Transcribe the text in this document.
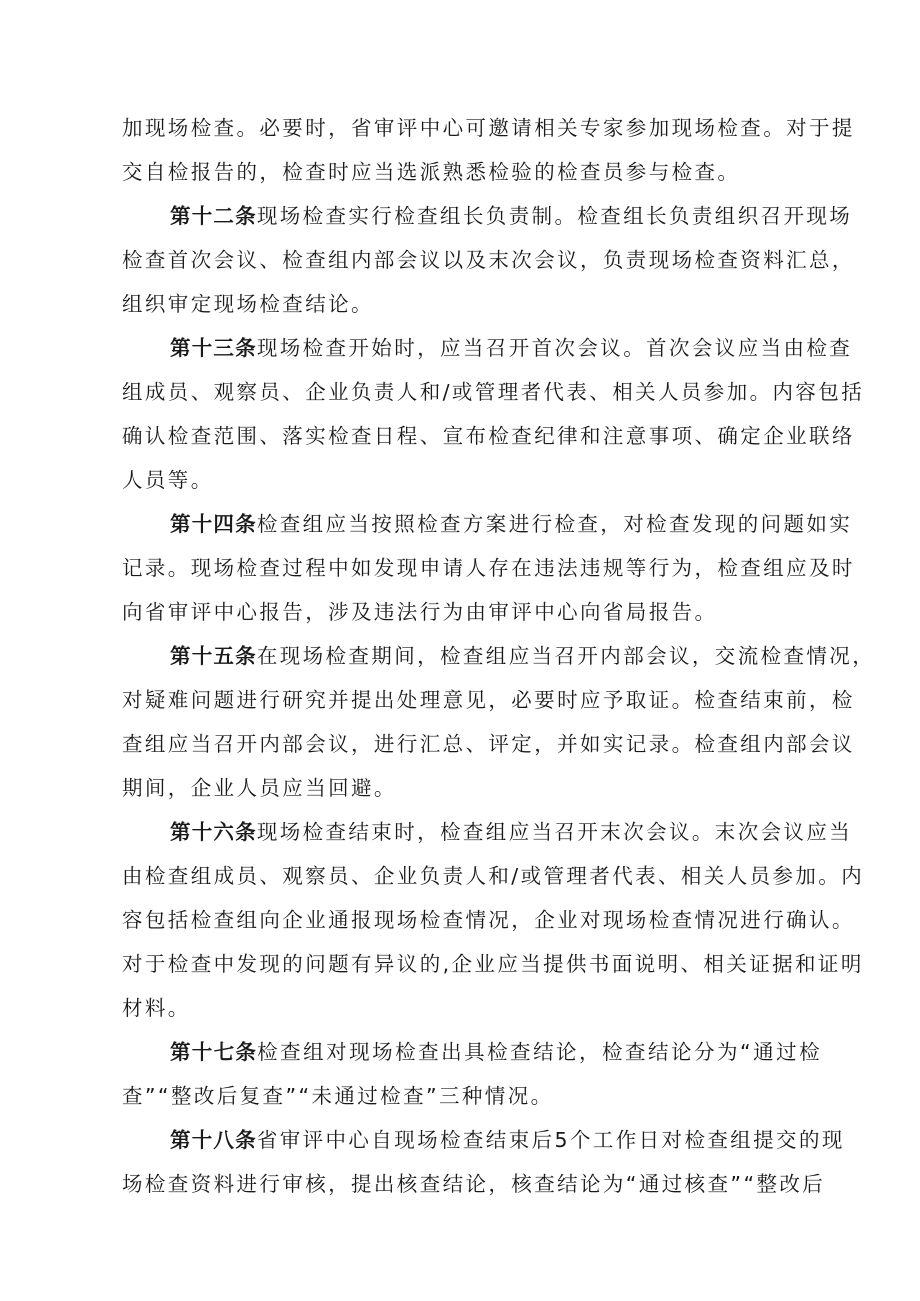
加现场检查。必要时，省审评中心可邀请相关专家参加现场检查。对于提
交自检报告的，检查时应当选派熟悉检验的检查员参与检查。
第十二条现场检查实行检查组长负责制。检查组长负责组织召开现场
检查首次会议、检查组内部会议以及末次会议，负责现场检查资料汇总，
组织审定现场检查结论。
第十三条现场检查开始时，应当召开首次会议。首次会议应当由检查
组成员、观察员、企业负责人和/或管理者代表、相关人员参加。内容包括
确认检查范围、落实检查日程、宣布检查纪律和注意事项、确定企业联络
人员等。
第十四条检查组应当按照检查方案进行检查，对检查发现的问题如实
记录。现场检查过程中如发现申请人存在违法违规等行为，检查组应及时
向省审评中心报告，涉及违法行为由审评中心向省局报告。
第十五条在现场检查期间，检查组应当召开内部会议，交流检查情况，
对疑难问题进行研究并提出处理意见，必要时应予取证。检查结束前，检
查组应当召开内部会议，进行汇总、评定，并如实记录。检查组内部会议
期间，企业人员应当回避。
第十六条现场检查结束时，检查组应当召开末次会议。末次会议应当
由检查组成员、观察员、企业负责人和/或管理者代表、相关人员参加。内
容包括检查组向企业通报现场检查情况，企业对现场检查情况进行确认。
对于检查中发现的问题有异议的,企业应当提供书面说明、相关证据和证明
材料。
第十七条检查组对现场检查出具检查结论，检查结论分为“通过检
查”“整改后复查”“未通过检查”三种情况。
第十八条省审评中心自现场检查结束后5个工作日对检查组提交的现
场检查资料进行审核，提出核查结论，核查结论为“通过核查”“整改后
